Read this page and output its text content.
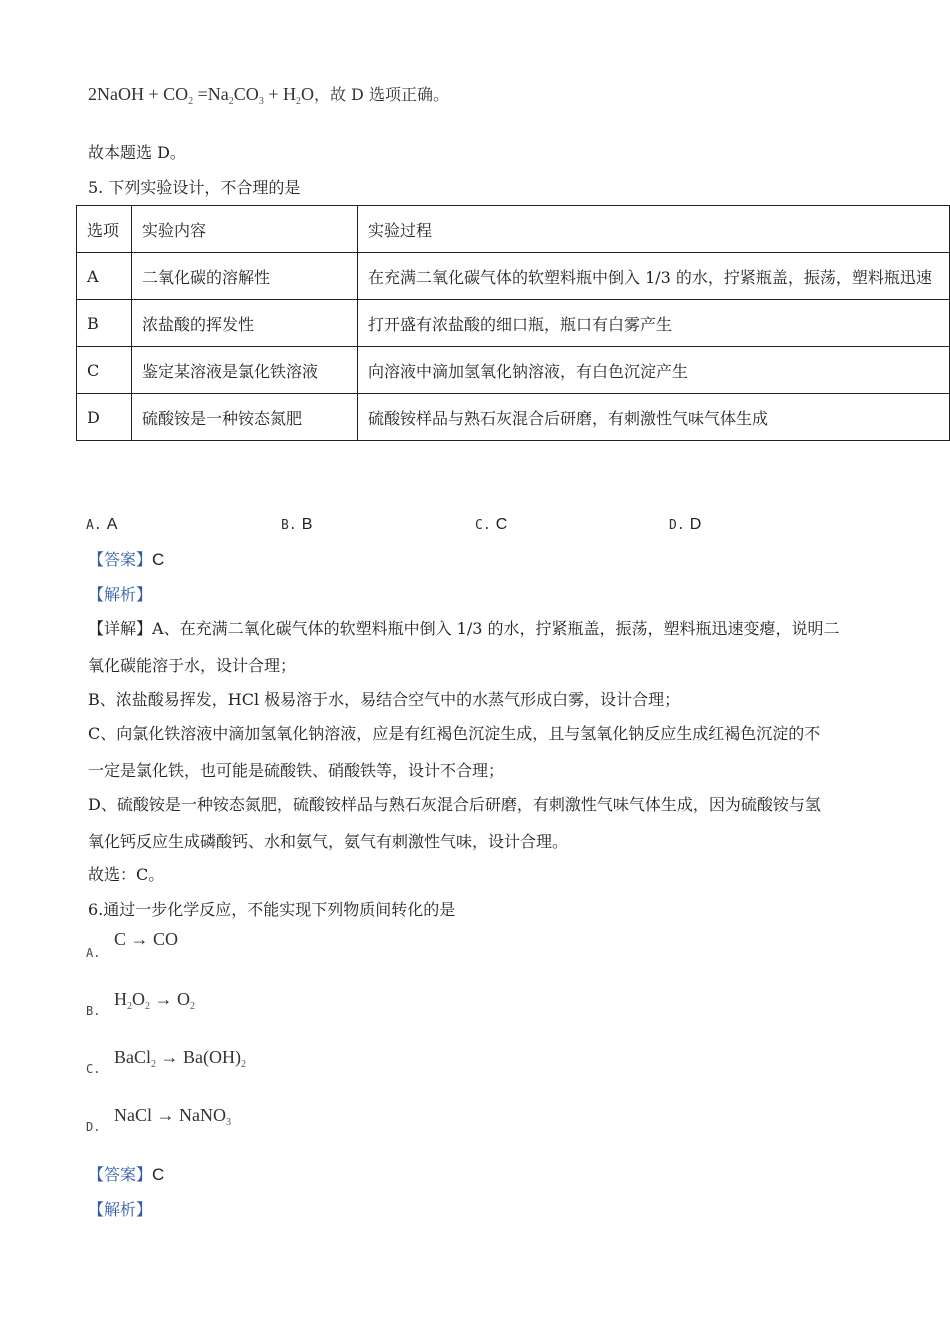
2NaOH + $CO_2 =Na_2CO_3 + H_2O$，故 D 选项正确。
故本题选 D。
5. 下列实验设计，不合理的是
选项	实验内容	实验过程
A	二氧化碳的溶解性	在充满二氧化碳气体的软塑料瓶中倒入 1/3 的水，拧紧瓶盖，振荡，塑料瓶迅速
B	浓盐酸的挥发性	打开盛有浓盐酸的细口瓶，瓶口有白雾产生
C	鉴定某溶液是氯化铁溶液	向溶液中滴加氢氧化钠溶液，有白色沉淀产生
D	硫酸铵是一种铵态氮肥	硫酸铵样品与熟石灰混合后研磨，有刺激性气味气体生成
A. A	B. B	C. C	D. D
【答案】C
【解析】
【详解】A、在充满二氧化碳气体的软塑料瓶中倒入 1/3 的水，拧紧瓶盖，振荡，塑料瓶迅速变瘪，说明二
氧化碳能溶于水，设计合理；
B、浓盐酸易挥发，HCl 极易溶于水，易结合空气中的水蒸气形成白雾，设计合理；
C、向氯化铁溶液中滴加氢氧化钠溶液，应是有红褐色沉淀生成，且与氢氧化钠反应生成红褐色沉淀的不
一定是氯化铁，也可能是硫酸铁、硝酸铁等，设计不合理；
D、硫酸铵是一种铵态氮肥，硫酸铵样品与熟石灰混合后研磨，有刺激性气味气体生成，因为硫酸铵与氢
氧化钙反应生成磷酸钙、水和氨气，氨气有刺激性气味，设计合理。
故选：C。
6.通过一步化学反应，不能实现下列物质间转化的是
A.
C → CO
B.
$H_2O_2 \to O_2$
C.
BaCl$_2$ → $Ba(OH)_2$
D.
NaCl → NaNO$_3$
【答案】C
【解析】
